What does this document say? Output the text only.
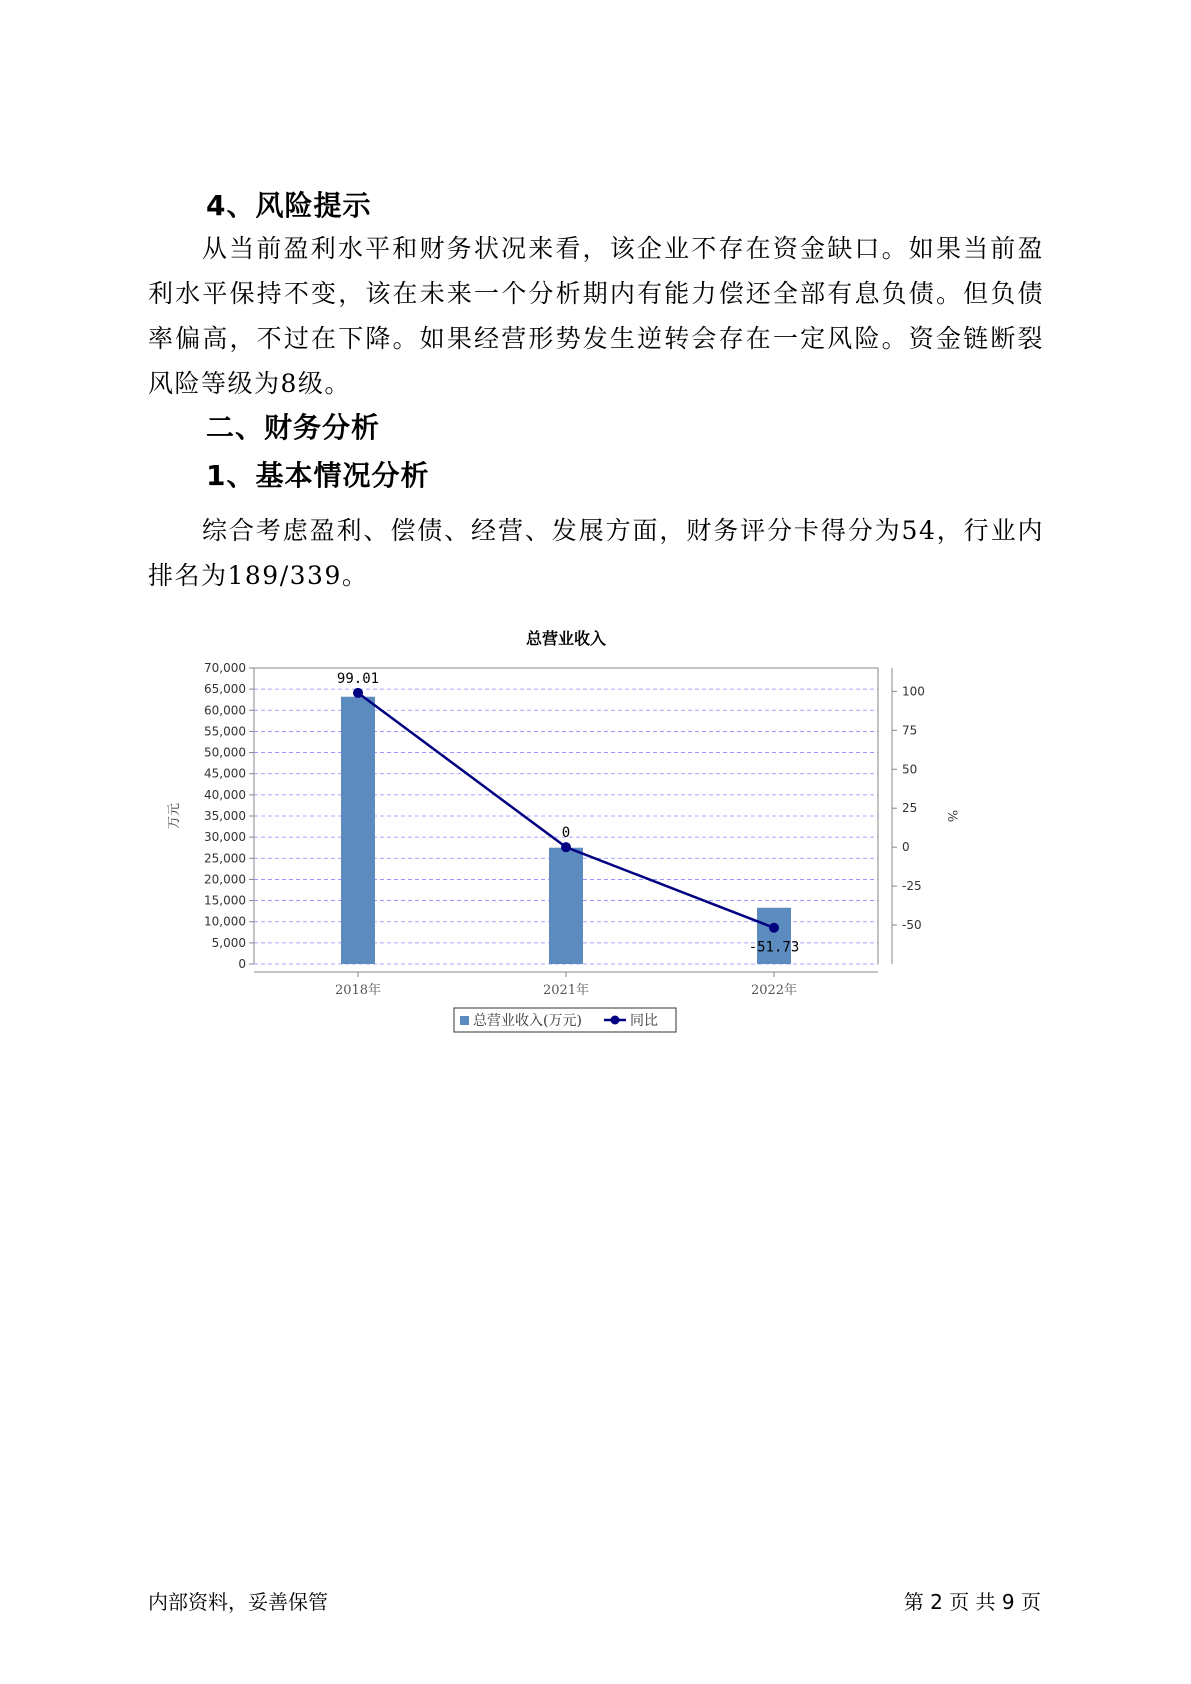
4、风险提示

从当前盈利水平和财务状况来看，该企业不存在资金缺口。如果当前盈利水平保持不变，该在未来一个分析期内有能力偿还全部有息负债。但负债率偏高，不过在下降。如果经营形势发生逆转会存在一定风险。资金链断裂风险等级为8级。

二、财务分析
1、基本情况分析

综合考虑盈利、偿债、经营、发展方面，财务评分卡得分为54，行业内排名为189/339。

总营业收入
0
5,000
10,000
15,000
20,000
25,000
30,000
35,000
40,000
45,000
50,000
55,000
60,000
65,000
70,000
100
75
50
25
0
-25
-50
万元	%
2018年	2021年	2022年
99.01
0
-51.73
总营业收入(万元)	同比
内部资料，妥善保管	第 2 页 共 9 页
